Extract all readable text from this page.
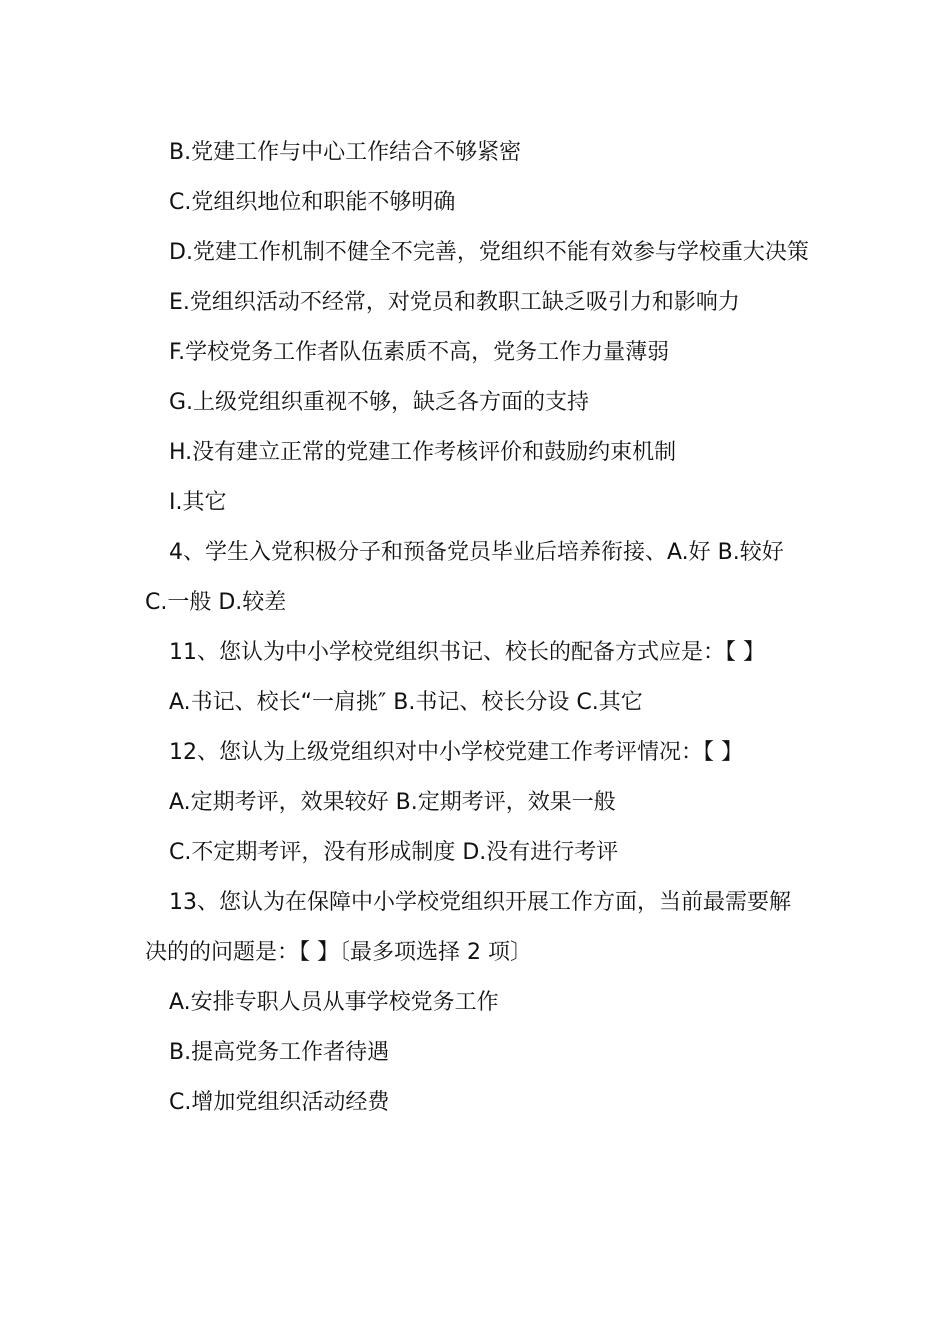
B.党建工作与中心工作结合不够紧密

C.党组织地位和职能不够明确

D.党建工作机制不健全不完善，党组织不能有效参与学校重大决策

E.党组织活动不经常，对党员和教职工缺乏吸引力和影响力

F.学校党务工作者队伍素质不高，党务工作力量薄弱

G.上级党组织重视不够，缺乏各方面的支持

H.没有建立正常的党建工作考核评价和鼓励约束机制

I.其它

4、学生入党积极分子和预备党员毕业后培养衔接、A.好 B.较好 C.一般 D.较差

11、您认为中小学校党组织书记、校长的配备方式应是：【 】

A.书记、校长“一肩挑″ B.书记、校长分设 C.其它

12、您认为上级党组织对中小学校党建工作考评情况：【 】

A.定期考评，效果较好 B.定期考评，效果一般

C.不定期考评，没有形成制度 D.没有进行考评

13、您认为在保障中小学校党组织开展工作方面，当前最需要解决的的问题是：【 】〔最多项选择 2 项〕

A.安排专职人员从事学校党务工作

B.提高党务工作者待遇

C.增加党组织活动经费
